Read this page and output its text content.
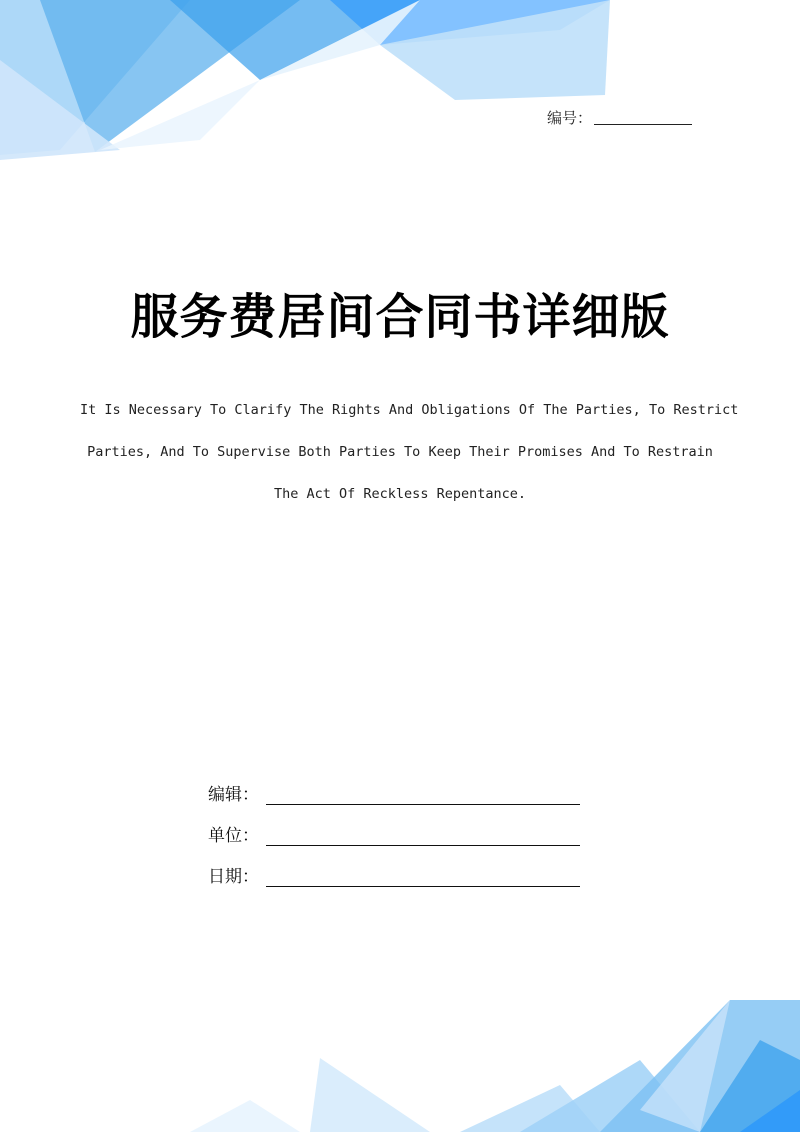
编号：
服务费居间合同书详细版
It Is Necessary To Clarify The Rights And Obligations Of The Parties, To Restrict
Parties, And To Supervise Both Parties To Keep Their Promises And To Restrain
The Act Of Reckless Repentance.
编辑：
单位：
日期：
